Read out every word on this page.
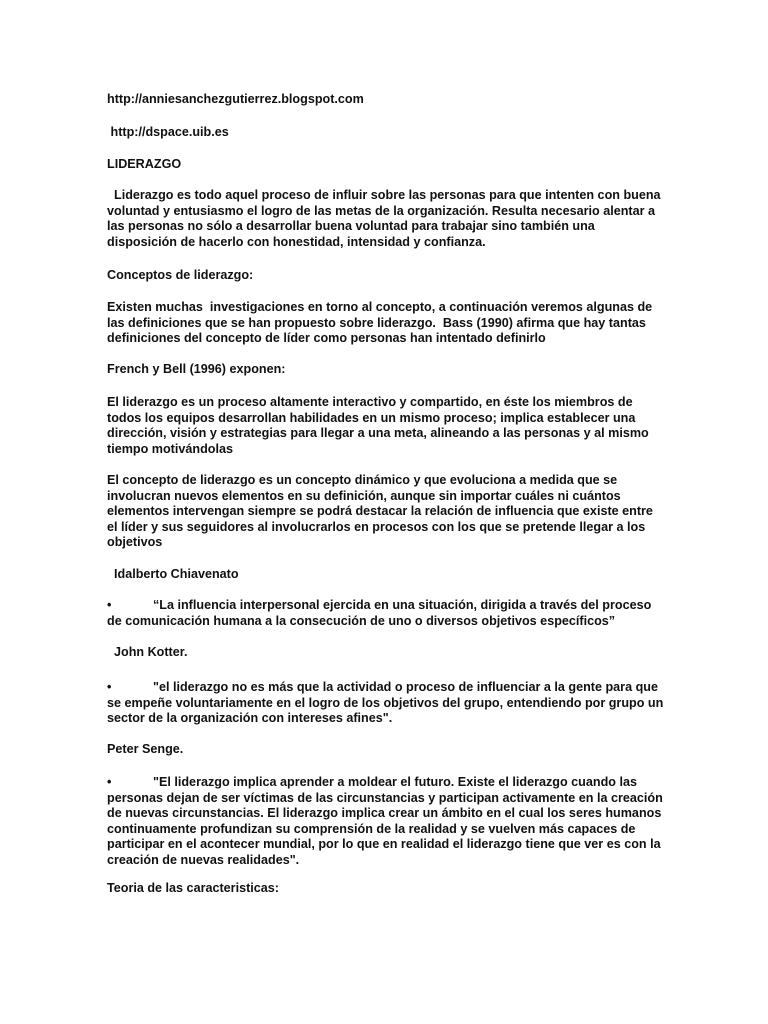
http://anniesanchezgutierrez.blogspot.com
http://dspace.uib.es
LIDERAZGO
Liderazgo es todo aquel proceso de influir sobre las personas para que intenten con buena
voluntad y entusiasmo el logro de las metas de la organización. Resulta necesario alentar a
las personas no sólo a desarrollar buena voluntad para trabajar sino también una
disposición de hacerlo con honestidad, intensidad y confianza.
Conceptos de liderazgo:
Existen muchas  investigaciones en torno al concepto, a continuación veremos algunas de
las definiciones que se han propuesto sobre liderazgo.  Bass (1990) afirma que hay tantas
definiciones del concepto de líder como personas han intentado definirlo
French y Bell (1996) exponen:
El liderazgo es un proceso altamente interactivo y compartido, en éste los miembros de
todos los equipos desarrollan habilidades en un mismo proceso; implica establecer una
dirección, visión y estrategias para llegar a una meta, alineando a las personas y al mismo
tiempo motivándolas
El concepto de liderazgo es un concepto dinámico y que evoluciona a medida que se
involucran nuevos elementos en su definición, aunque sin importar cuáles ni cuántos
elementos intervengan siempre se podrá destacar la relación de influencia que existe entre
el líder y sus seguidores al involucrarlos en procesos con los que se pretende llegar a los
objetivos
Idalberto Chiavenato
•	“La influencia interpersonal ejercida en una situación, dirigida a través del proceso
de comunicación humana a la consecución de uno o diversos objetivos específicos”
John Kotter.
•	"el liderazgo no es más que la actividad o proceso de influenciar a la gente para que
se empeñe voluntariamente en el logro de los objetivos del grupo, entendiendo por grupo un
sector de la organización con intereses afines".
Peter Senge.
•	"El liderazgo implica aprender a moldear el futuro. Existe el liderazgo cuando las
personas dejan de ser víctimas de las circunstancias y participan activamente en la creación
de nuevas circunstancias. El liderazgo implica crear un ámbito en el cual los seres humanos
continuamente profundizan su comprensión de la realidad y se vuelven más capaces de
participar en el acontecer mundial, por lo que en realidad el liderazgo tiene que ver es con la
creación de nuevas realidades".
Teoria de las caracteristicas:
